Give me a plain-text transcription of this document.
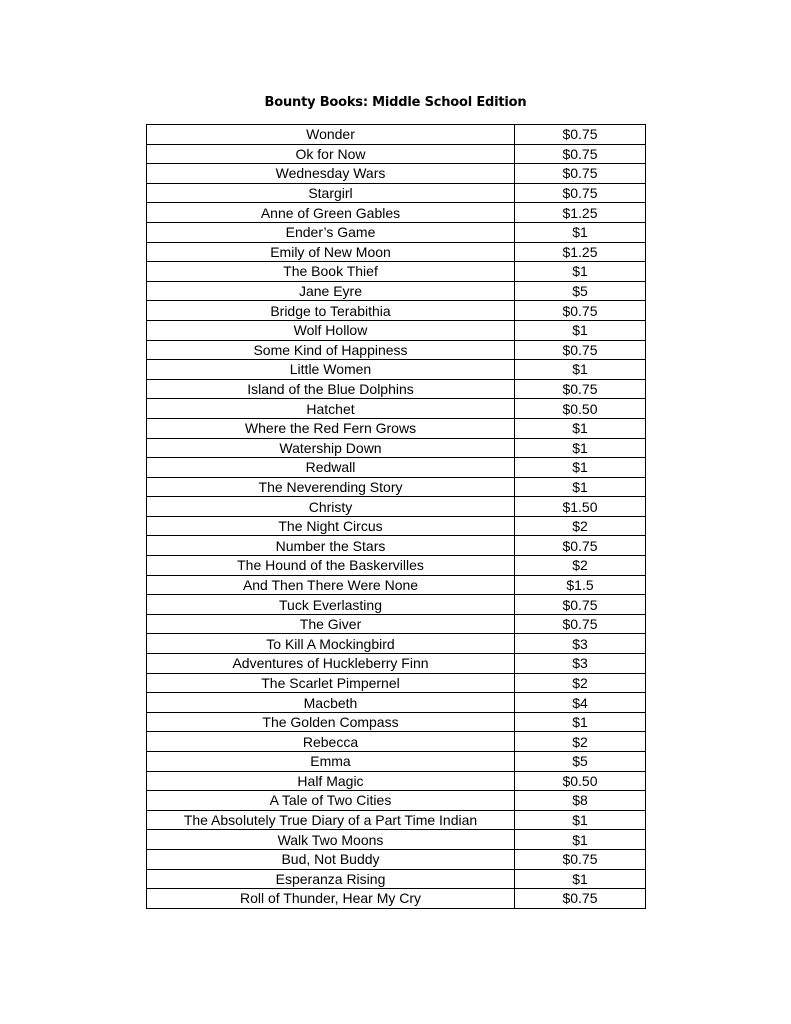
Bounty Books: Middle School Edition
Wonder	$0.75
Ok for Now	$0.75
Wednesday Wars	$0.75
Stargirl	$0.75
Anne of Green Gables	$1.25
Ender’s Game	$1
Emily of New Moon	$1.25
The Book Thief	$1
Jane Eyre	$5
Bridge to Terabithia	$0.75
Wolf Hollow	$1
Some Kind of Happiness	$0.75
Little Women	$1
Island of the Blue Dolphins	$0.75
Hatchet	$0.50
Where the Red Fern Grows	$1
Watership Down	$1
Redwall	$1
The Neverending Story	$1
Christy	$1.50
The Night Circus	$2
Number the Stars	$0.75
The Hound of the Baskervilles	$2
And Then There Were None	$1.5
Tuck Everlasting	$0.75
The Giver	$0.75
To Kill A Mockingbird	$3
Adventures of Huckleberry Finn	$3
The Scarlet Pimpernel	$2
Macbeth	$4
The Golden Compass	$1
Rebecca	$2
Emma	$5
Half Magic	$0.50
A Tale of Two Cities	$8
The Absolutely True Diary of a Part Time Indian	$1
Walk Two Moons	$1
Bud, Not Buddy	$0.75
Esperanza Rising	$1
Roll of Thunder, Hear My Cry	$0.75
